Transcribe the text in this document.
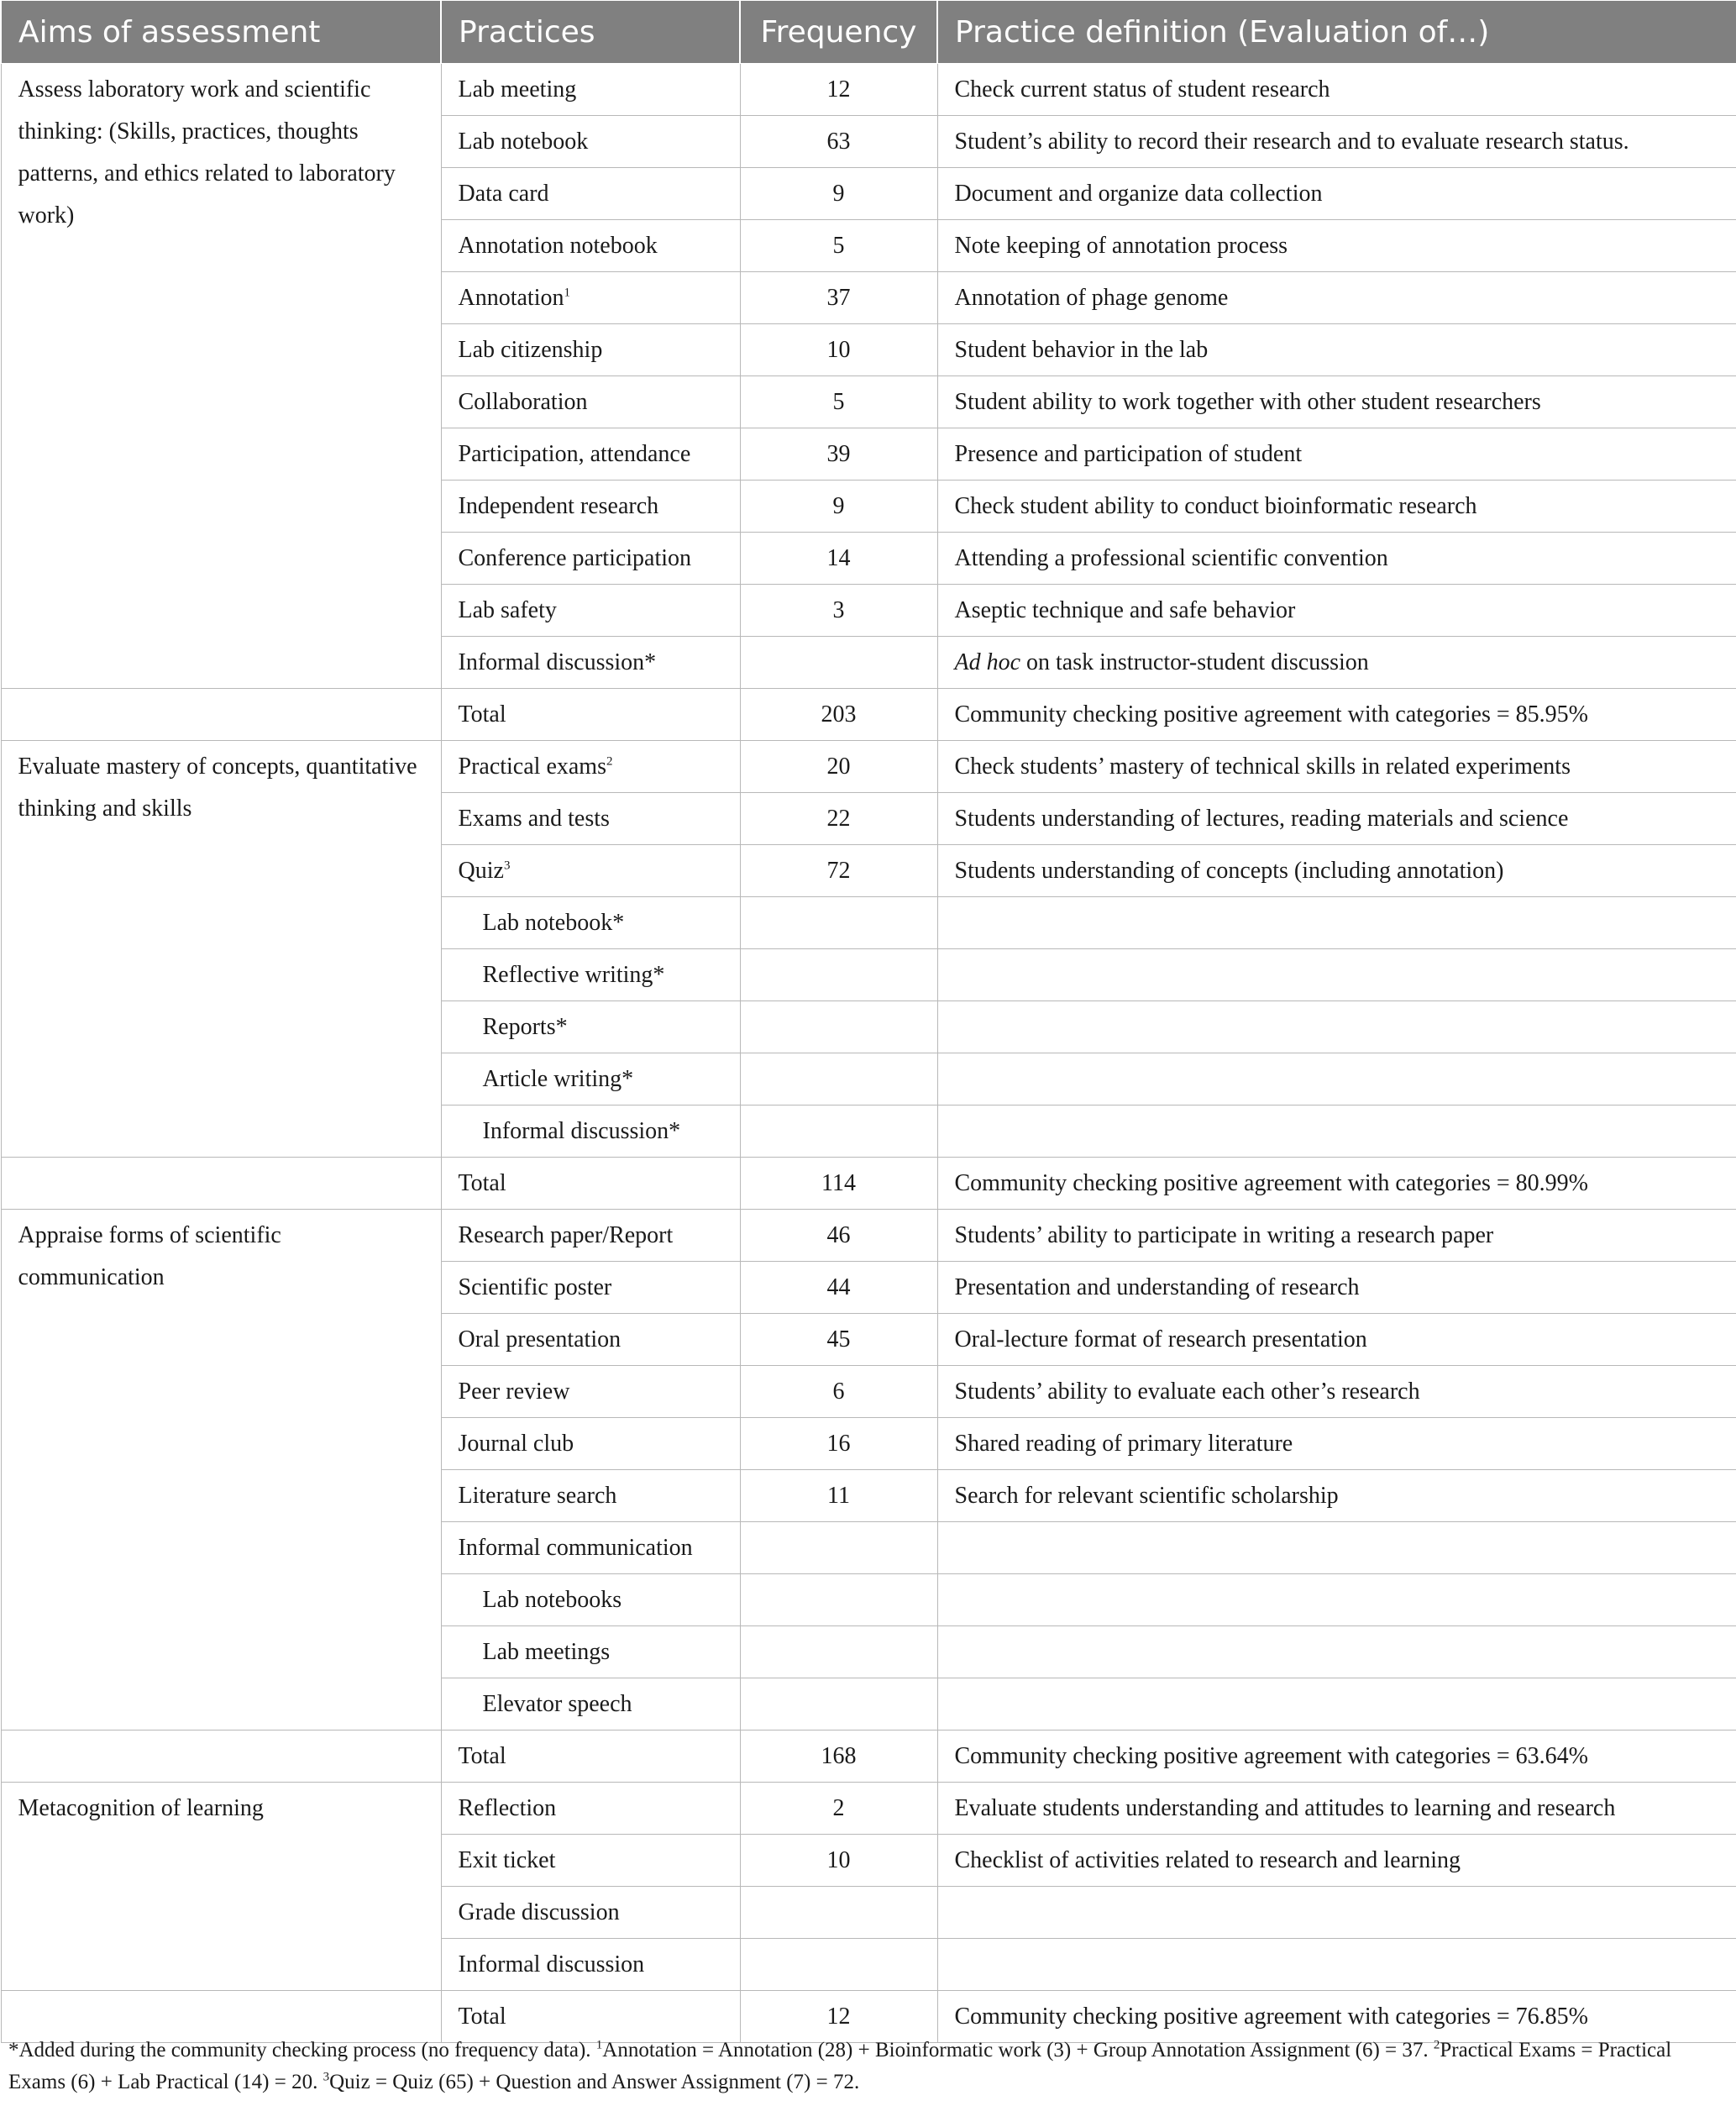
Aims of assessment	Practices	Frequency	Practice definition (Evaluation of…)
Assess laboratory work and scientific thinking: (Skills, practices, thoughts patterns, and ethics related to laboratory work)	Lab meeting	12	Check current status of student research
	Lab notebook	63	Student’s ability to record their research and to evaluate research status.
	Data card	9	Document and organize data collection
	Annotation notebook	5	Note keeping of annotation process
	Annotation$^1$	37	Annotation of phage genome
	Lab citizenship	10	Student behavior in the lab
	Collaboration	5	Student ability to work together with other student researchers
	Participation, attendance	39	Presence and participation of student
	Independent research	9	Check student ability to conduct bioinformatic research
	Conference participation	14	Attending a professional scientific convention
	Lab safety	3	Aseptic technique and safe behavior
	Informal discussion*		Ad hoc on task instructor-student discussion
	Total	203	Community checking positive agreement with categories = 85.95%
Evaluate mastery of concepts, quantitative thinking and skills	Practical exams$^2$	20	Check students’ mastery of technical skills in related experiments
	Exams and tests	22	Students understanding of lectures, reading materials and science
	Quiz$^3$	72	Students understanding of concepts (including annotation)
	Lab notebook*		
	Reflective writing*		
	Reports*		
	Article writing*		
	Informal discussion*		
	Total	114	Community checking positive agreement with categories = 80.99%
Appraise forms of scientific communication	Research paper/Report	46	Students’ ability to participate in writing a research paper
	Scientific poster	44	Presentation and understanding of research
	Oral presentation	45	Oral-lecture format of research presentation
	Peer review	6	Students’ ability to evaluate each other’s research
	Journal club	16	Shared reading of primary literature
	Literature search	11	Search for relevant scientific scholarship
	Informal communication		
	Lab notebooks		
	Lab meetings		
	Elevator speech		
	Total	168	Community checking positive agreement with categories = 63.64%
Metacognition of learning	Reflection	2	Evaluate students understanding and attitudes to learning and research
	Exit ticket	10	Checklist of activities related to research and learning
	Grade discussion		
	Informal discussion		
	Total	12	Community checking positive agreement with categories = 76.85%
*Added during the community checking process (no frequency data). $^1$Annotation = Annotation (28) + Bioinformatic work (3) + Group Annotation Assignment (6) = 37. $^2$Practical Exams = Practical Exams (6) + Lab Practical (14) = 20. $^3$Quiz = Quiz (65) + Question and Answer Assignment (7) = 72.
